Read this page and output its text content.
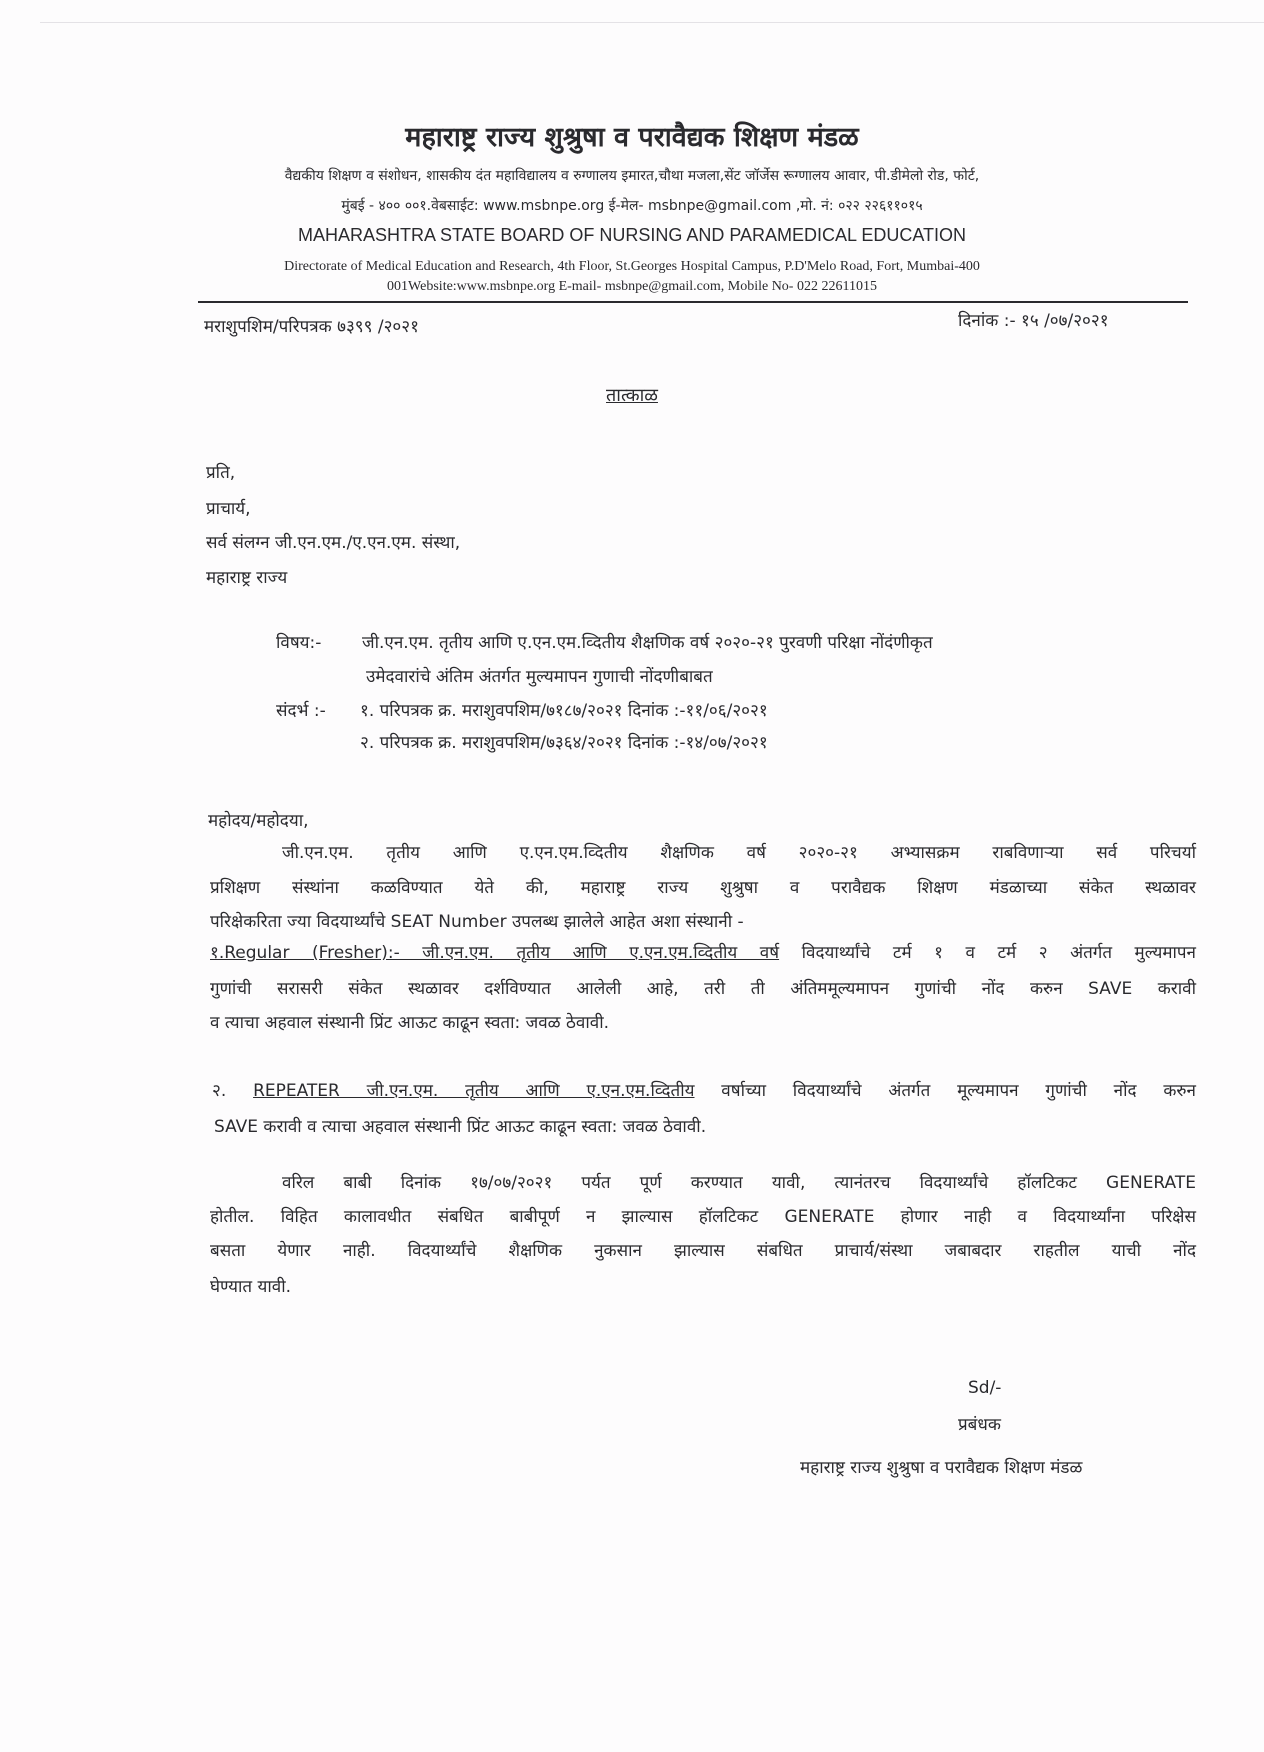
महाराष्ट्र राज्य शुश्रुषा व परावैद्यक शिक्षण मंडळ
वैद्यकीय शिक्षण व संशोधन, शासकीय दंत महाविद्यालय व रुग्णालय इमारत,चौथा मजला,सेंट जॉर्जेस रूग्णालय आवार, पी.डीमेलो रोड, फोर्ट,
मुंबई - ४०० ००१.वेबसाईट: www.msbnpe.org ई-मेल- msbnpe@gmail.com ,मो. नं: ०२२ २२६११०१५
MAHARASHTRA STATE BOARD OF NURSING AND PARAMEDICAL EDUCATION
Directorate of Medical Education and Research, 4th Floor, St.Georges Hospital Campus, P.D'Melo Road, Fort, Mumbai-400
001Website:www.msbnpe.org E-mail- msbnpe@gmail.com, Mobile No- 022 22611015
मराशुपशिम/परिपत्रक ७३९९ /२०२१	दिनांक :- १५ /०७/२०२१
तात्काळ
प्रति,
प्राचार्य,
सर्व संलग्न जी.एन.एम./ए.एन.एम. संस्था,
महाराष्ट्र राज्य
विषय:- जी.एन.एम. तृतीय आणि ए.एन.एम.व्दितीय शैक्षणिक वर्ष २०२०-२१ पुरवणी परिक्षा नोंदंणीकृत
उमेदवारांचे अंतिम अंतर्गत मुल्यमापन गुणाची नोंदणीबाबत
संदर्भ :- १. परिपत्रक क्र. मराशुवपशिम/७१८७/२०२१ दिनांक :-११/०६/२०२१
२. परिपत्रक क्र. मराशुवपशिम/७३६४/२०२१ दिनांक :-१४/०७/२०२१
महोदय/महोदया,
जी.एन.एम. तृतीय आणि ए.एन.एम.व्दितीय शैक्षणिक वर्ष २०२०-२१ अभ्यासक्रम राबविणाऱ्या सर्व परिचर्या
प्रशिक्षण संस्थांना कळविण्यात येते की, महाराष्ट्र राज्य शुश्रुषा व परावैद्यक शिक्षण मंडळाच्या संकेत स्थळावर
परिक्षेकरिता ज्या विदयार्थ्यांचे SEAT Number उपलब्ध झालेले आहेत अशा संस्थानी -
१.Regular (Fresher):- जी.एन.एम. तृतीय आणि ए.एन.एम.व्दितीय वर्ष विदयार्थ्यांचे टर्म १ व टर्म २ अंतर्गत मुल्यमापन
गुणांची सरासरी संकेत स्थळावर दर्शविण्यात आलेली आहे, तरी ती अंतिममूल्यमापन गुणांची नोंद करुन SAVE करावी
व त्याचा अहवाल संस्थानी प्रिंट आऊट काढून स्वता: जवळ ठेवावी.
२. REPEATER जी.एन.एम. तृतीय आणि ए.एन.एम.व्दितीय वर्षाच्या विदयार्थ्यांचे अंतर्गत मूल्यमापन गुणांची नोंद करुन
SAVE करावी व त्याचा अहवाल संस्थानी प्रिंट आऊट काढून स्वता: जवळ ठेवावी.
वरिल बाबी दिनांक १७/०७/२०२१ पर्यत पूर्ण करण्यात यावी, त्यानंतरच विदयार्थ्यांचे हॉलटिकट GENERATE
होतील. विहित कालावधीत संबधित बाबीपूर्ण न झाल्यास हॉलटिकट GENERATE होणार नाही व विदयार्थ्यांना परिक्षेस
बसता येणार नाही. विदयार्थ्यांचे शैक्षणिक नुकसान झाल्यास संबधित प्राचार्य/संस्था जबाबदार राहतील याची नोंद
घेण्यात यावी.
Sd/-
प्रबंधक
महाराष्ट्र राज्य शुश्रुषा व परावैद्यक शिक्षण मंडळ
